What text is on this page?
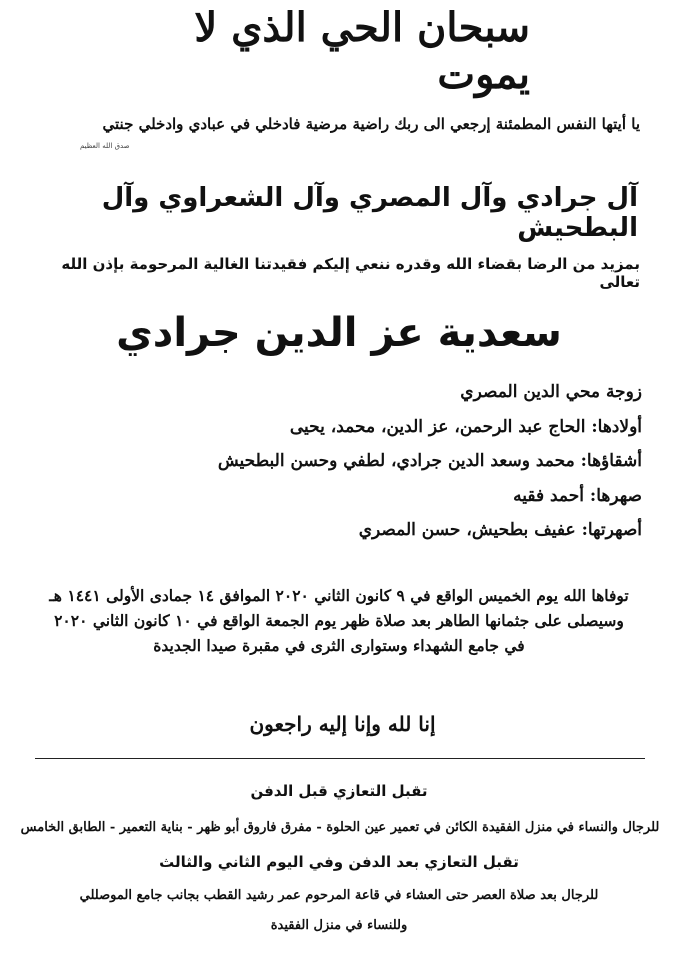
سبحان الحي الذي لا يموت
يا أيتها النفس المطمئنة إرجعي الى ربك راضية مرضية فادخلي في عبادي وادخلي جنتي
صدق الله العظيم
آل جرادي وآل المصري وآل الشعراوي وآل البطحيش
بمزيد من الرضا بقضاء الله وقدره ننعي إليكم فقيدتنا الغالية المرحومة بإذن الله تعالى
سعدية عز الدين جرادي
زوجة محي الدين المصري
أولادها: الحاج عبد الرحمن، عز الدين، محمد، يحيى
أشقاؤها: محمد وسعد الدين جرادي، لطفي وحسن البطحيش
صهرها: أحمد فقيه
أصهرتها: عفيف بطحيش، حسن المصري
توفاها الله يوم الخميس الواقع في ٩ كانون الثاني ٢٠٢٠ الموافق ١٤ جمادى الأولى ١٤٤١ هـ
وسيصلى على جثمانها الطاهر بعد صلاة ظهر يوم الجمعة الواقع في ١٠ كانون الثاني ٢٠٢٠
في جامع الشهداء وستوارى الثرى في مقبرة صيدا الجديدة
إنا لله وإنا إليه راجعون
تقبل التعازي قبل الدفن
للرجال والنساء في منزل الفقيدة الكائن في تعمير عين الحلوة - مفرق فاروق أبو ظهر - بناية التعمير - الطابق الخامس
تقبل التعازي بعد الدفن وفي اليوم الثاني والثالث
للرجال بعد صلاة العصر حتى العشاء في قاعة المرحوم عمر رشيد القطب بجانب جامع الموصللي
وللنساء في منزل الفقيدة
